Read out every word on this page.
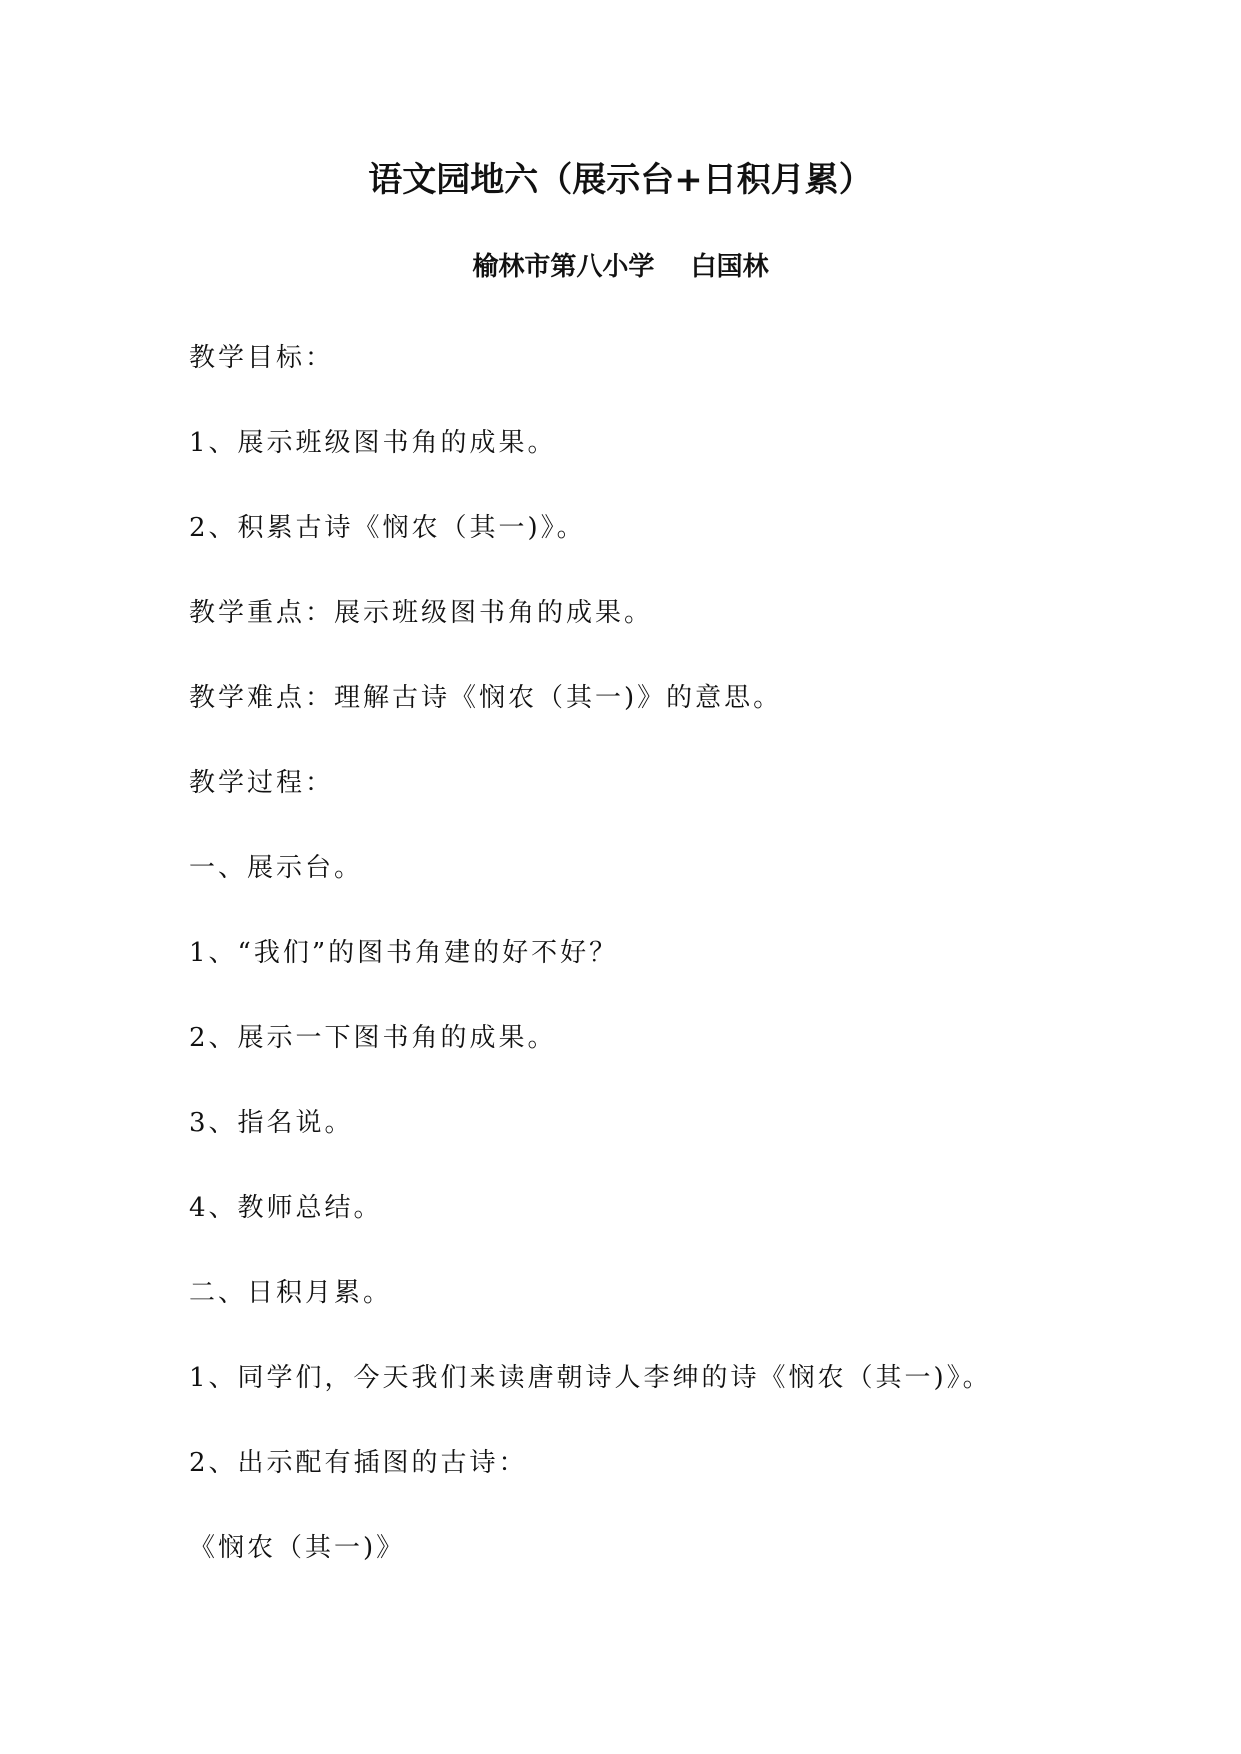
语文园地六（展示台+日积月累）

榆林市第八小学    白国林

教学目标：

1、展示班级图书角的成果。

2、积累古诗《悯农（其一)》。

教学重点：展示班级图书角的成果。

教学难点：理解古诗《悯农（其一)》的意思。

教学过程：

一、展示台。

1、“我们”的图书角建的好不好？

2、展示一下图书角的成果。

3、指名说。

4、教师总结。

二、日积月累。

1、同学们，今天我们来读唐朝诗人李绅的诗《悯农（其一)》。

2、出示配有插图的古诗：

《悯农（其一)》
